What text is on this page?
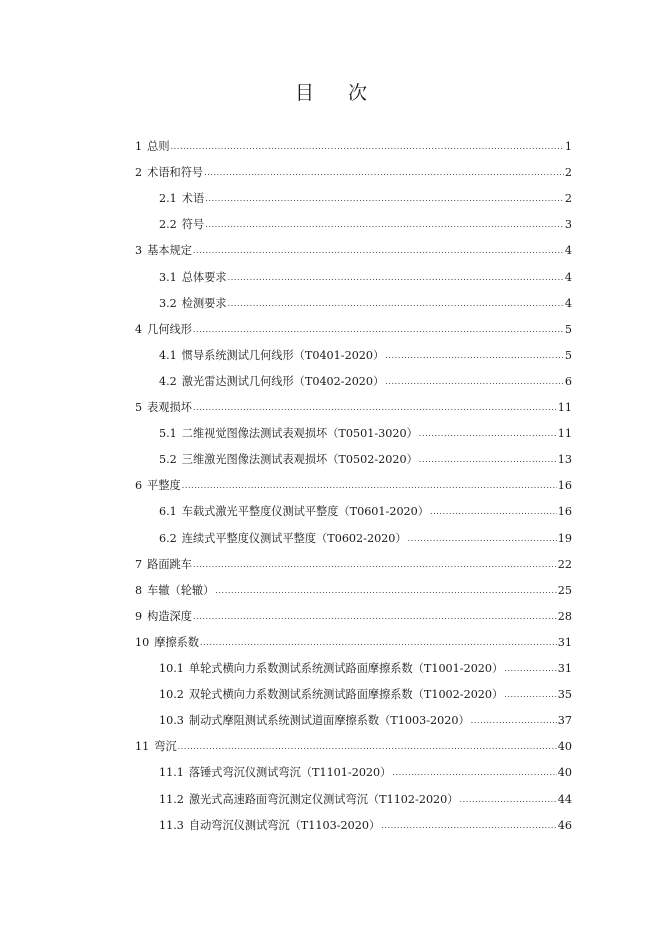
目 次
1 总则 .....	1
2 术语和符号 .....	2
2.1 术语 .....	2
2.2 符号 .....	3
3 基本规定 .....	4
3.1 总体要求 .....	4
3.2 检测要求 .....	4
4 几何线形 .....	5
4.1 惯导系统测试几何线形（T0401-2020） .....	5
4.2 激光雷达测试几何线形（T0402-2020） .....	6
5 表观损坏 .....	11
5.1 二维视觉图像法测试表观损坏（T0501-3020） .....	11
5.2 三维激光图像法测试表观损坏（T0502-2020） .....	13
6 平整度 .....	16
6.1 车载式激光平整度仪测试平整度（T0601-2020） .....	16
6.2 连续式平整度仪测试平整度（T0602-2020） .....	19
7 路面跳车 .....	22
8 车辙（轮辙） .....	25
9 构造深度 .....	28
10 摩擦系数 .....	31
10.1 单轮式横向力系数测试系统测试路面摩擦系数（T1001-2020） .....	31
10.2 双轮式横向力系数测试系统测试路面摩擦系数（T1002-2020） .....	35
10.3 制动式摩阻测试系统测试道面摩擦系数（T1003-2020） .....	37
11 弯沉 .....	40
11.1 落锤式弯沉仪测试弯沉（T1101-2020） .....	40
11.2 激光式高速路面弯沉测定仪测试弯沉（T1102-2020） .....	44
11.3 自动弯沉仪测试弯沉（T1103-2020） .....	46
